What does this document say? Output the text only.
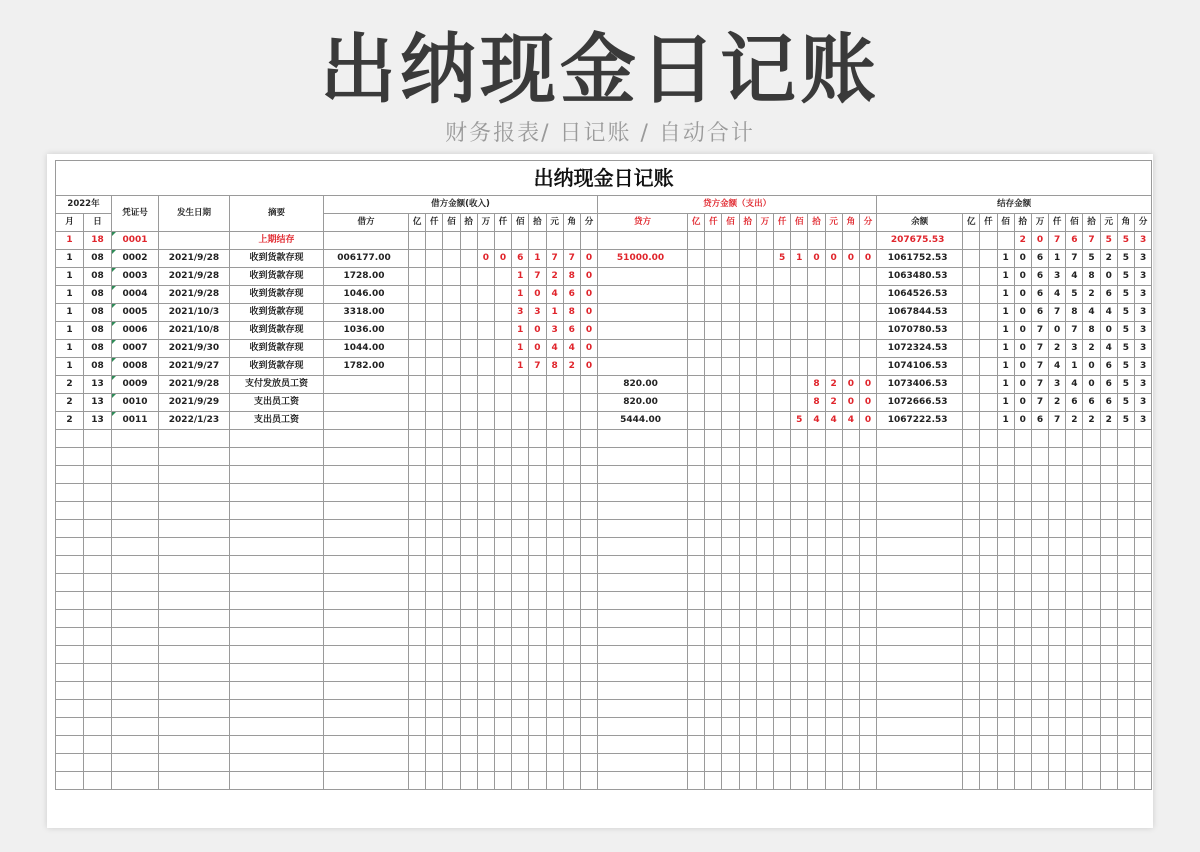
出纳现金日记账
财务报表/ 日记账 / 自动合计
出纳现金日记账																																								
2022年		凭证号	发生日期	摘要	借方金额(收入)												贷方金额（支出）												结存金额											
月	日				借方	亿	仟	佰	拾	万	仟	佰	拾	元	角	分	贷方	亿	仟	佰	拾	万	仟	佰	拾	元	角	分	余额	亿	仟	佰	拾	万	仟	佰	拾	元	角	分
1	18	0001		上期结存																									207675.53				2	0	7	6	7	5	5	3
1	08	0002	2021/9/28	收到货款存现	006177.00					0	0	6	1	7	7	0	51000.00						5	1	0	0	0	0	1061752.53			1	0	6	1	7	5	2	5	3
1	08	0003	2021/9/28	收到货款存现	1728.00							1	7	2	8	0													1063480.53			1	0	6	3	4	8	0	5	3
1	08	0004	2021/9/28	收到货款存现	1046.00							1	0	4	6	0													1064526.53			1	0	6	4	5	2	6	5	3
1	08	0005	2021/10/3	收到货款存现	3318.00							3	3	1	8	0													1067844.53			1	0	6	7	8	4	4	5	3
1	08	0006	2021/10/8	收到货款存现	1036.00							1	0	3	6	0													1070780.53			1	0	7	0	7	8	0	5	3
1	08	0007	2021/9/30	收到货款存现	1044.00							1	0	4	4	0													1072324.53			1	0	7	2	3	2	4	5	3
1	08	0008	2021/9/27	收到货款存现	1782.00							1	7	8	2	0													1074106.53			1	0	7	4	1	0	6	5	3
2	13	0009	2021/9/28	支付发放员工资													820.00								8	2	0	0	1073406.53			1	0	7	3	4	0	6	5	3
2	13	0010	2021/9/29	支出员工资													820.00								8	2	0	0	1072666.53			1	0	7	2	6	6	6	5	3
2	13	0011	2022/1/23	支出员工资													5444.00							5	4	4	4	0	1067222.53			1	0	6	7	2	2	2	5	3
